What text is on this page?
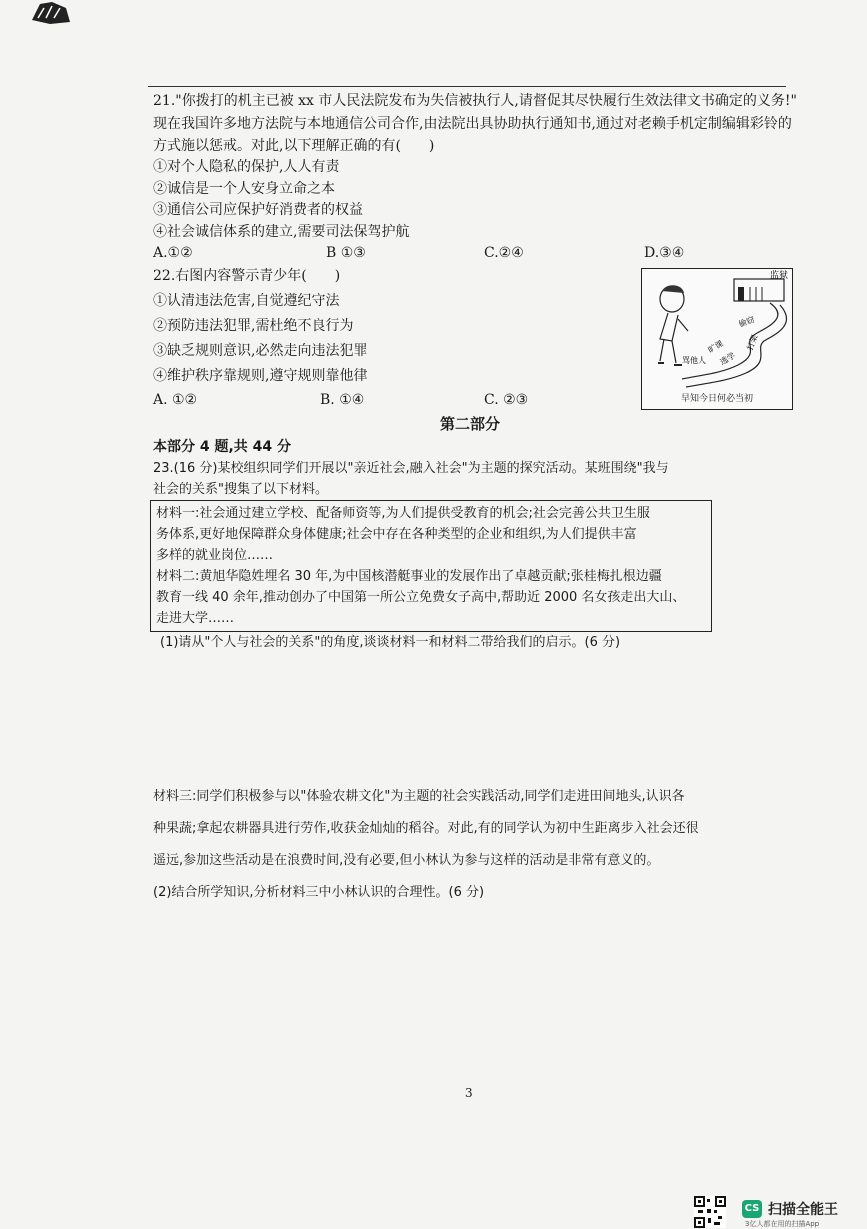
21."你拨打的机主已被 xx 市人民法院发布为失信被执行人,请督促其尽快履行生效法律文书确定的义务!"
现在我国许多地方法院与本地通信公司合作,由法院出具协助执行通知书,通过对老赖手机定制编辑彩铃的
方式施以惩戒。对此,以下理解正确的有(　　)
①对个人隐私的保护,人人有责
②诚信是一个人安身立命之本
③通信公司应保护好消费者的权益
④社会诚信体系的建立,需要司法保驾护航
A.①②	B ①③	C.②④	D.③④
22.右图内容警示青少年(　　)
①认清违法危害,自觉遵纪守法
②预防违法犯罪,需杜绝不良行为
③缺乏规则意识,必然走向违法犯罪
④维护秩序靠规则,遵守规则靠他律
A. ①②	B. ①④	C. ②③
监狱
偷窃
打架
逃学
旷课
骂他人
早知今日何必当初
第二部分
本部分 4 题,共 44 分
23.(16 分)某校组织同学们开展以"亲近社会,融入社会"为主题的探究活动。某班围绕"我与
社会的关系"搜集了以下材料。
材料一:社会通过建立学校、配备师资等,为人们提供受教育的机会;社会完善公共卫生服
务体系,更好地保障群众身体健康;社会中存在各种类型的企业和组织,为人们提供丰富
多样的就业岗位……
材料二:黄旭华隐姓埋名 30 年,为中国核潜艇事业的发展作出了卓越贡献;张桂梅扎根边疆
教育一线 40 余年,推动创办了中国第一所公立免费女子高中,帮助近 2000 名女孩走出大山、
走进大学……
(1)请从"个人与社会的关系"的角度,谈谈材料一和材料二带给我们的启示。(6 分)
材料三:同学们积极参与以"体验农耕文化"为主题的社会实践活动,同学们走进田间地头,认识各
种果蔬;拿起农耕器具进行劳作,收获金灿灿的稻谷。对此,有的同学认为初中生距离步入社会还很
遥远,参加这些活动是在浪费时间,没有必要,但小林认为参与这样的活动是非常有意义的。
(2)结合所学知识,分析材料三中小林认识的合理性。(6 分)
3
CS 扫描全能王
3亿人都在用的扫描App
